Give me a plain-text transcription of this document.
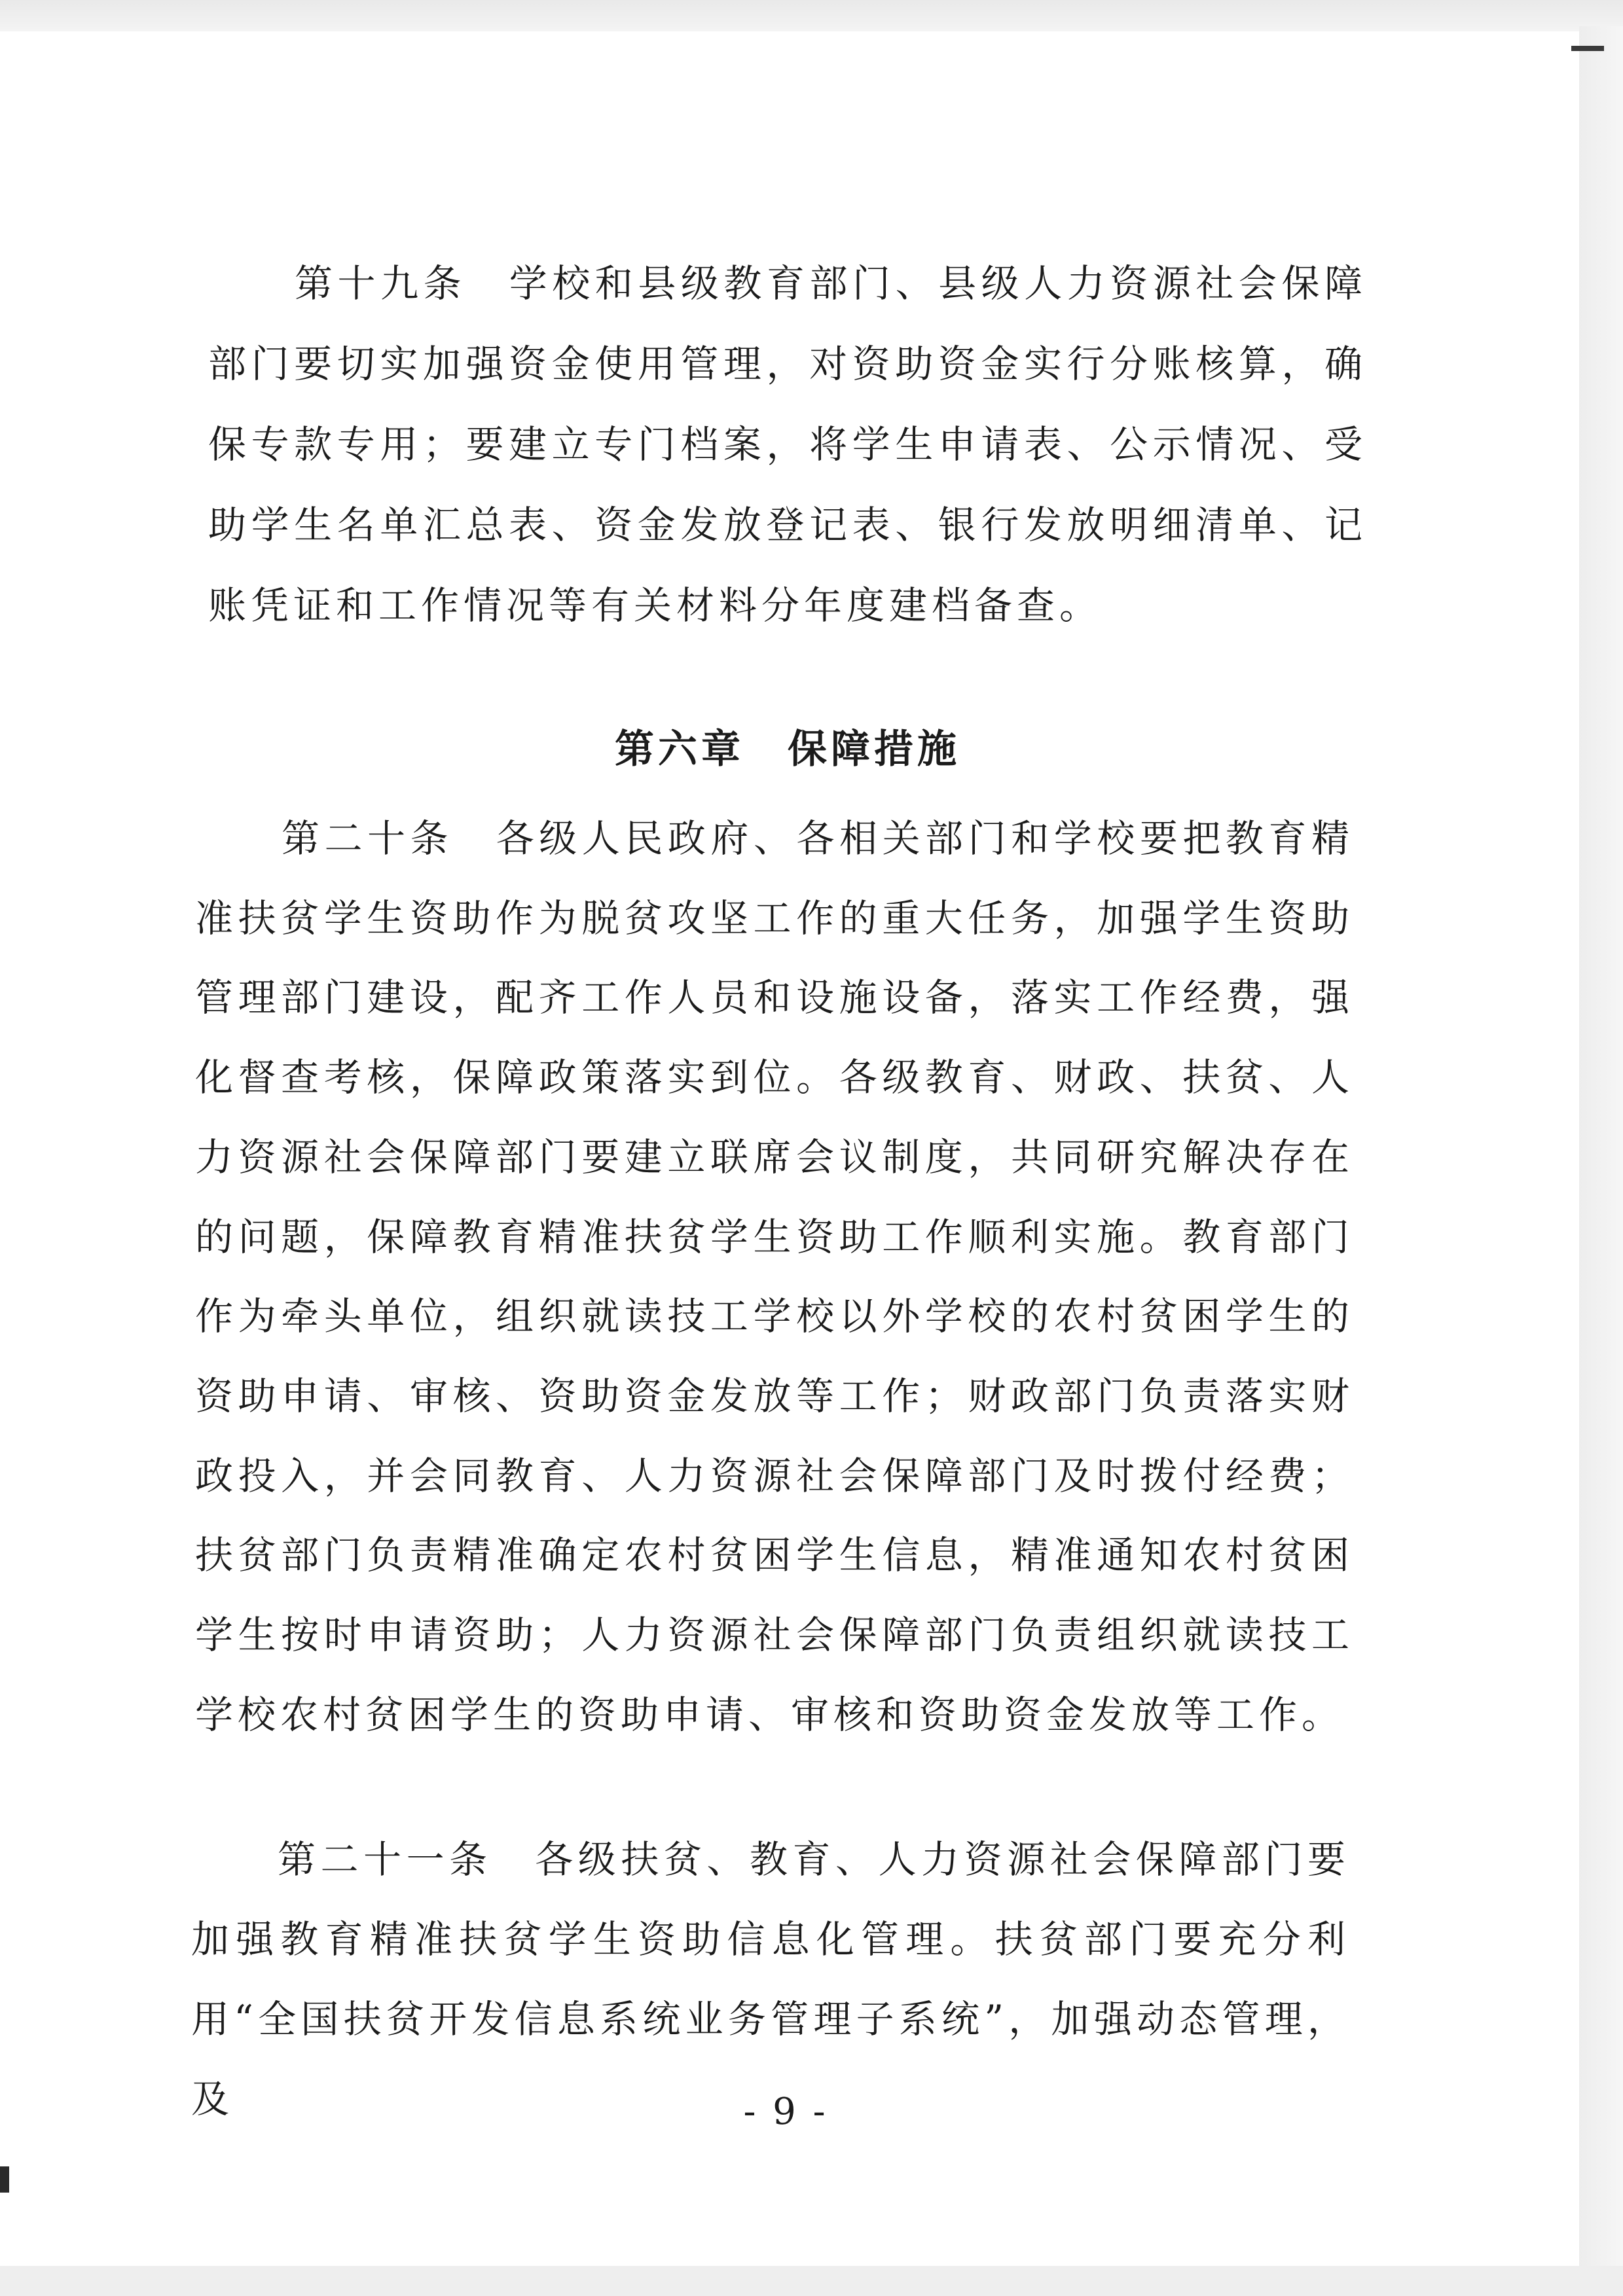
第十九条　学校和县级教育部门、县级人力资源社会保障部门要切实加强资金使用管理，对资助资金实行分账核算，确保专款专用；要建立专门档案，将学生申请表、公示情况、受助学生名单汇总表、资金发放登记表、银行发放明细清单、记账凭证和工作情况等有关材料分年度建档备查。

第六章　保障措施

第二十条　各级人民政府、各相关部门和学校要把教育精准扶贫学生资助作为脱贫攻坚工作的重大任务，加强学生资助管理部门建设，配齐工作人员和设施设备，落实工作经费，强化督查考核，保障政策落实到位。各级教育、财政、扶贫、人力资源社会保障部门要建立联席会议制度，共同研究解决存在的问题，保障教育精准扶贫学生资助工作顺利实施。教育部门作为牵头单位，组织就读技工学校以外学校的农村贫困学生的资助申请、审核、资助资金发放等工作；财政部门负责落实财政投入，并会同教育、人力资源社会保障部门及时拨付经费；扶贫部门负责精准确定农村贫困学生信息，精准通知农村贫困学生按时申请资助；人力资源社会保障部门负责组织就读技工学校农村贫困学生的资助申请、审核和资助资金发放等工作。

第二十一条　各级扶贫、教育、人力资源社会保障部门要加强教育精准扶贫学生资助信息化管理。扶贫部门要充分利用“全国扶贫开发信息系统业务管理子系统”，加强动态管理，及	- 9 -
